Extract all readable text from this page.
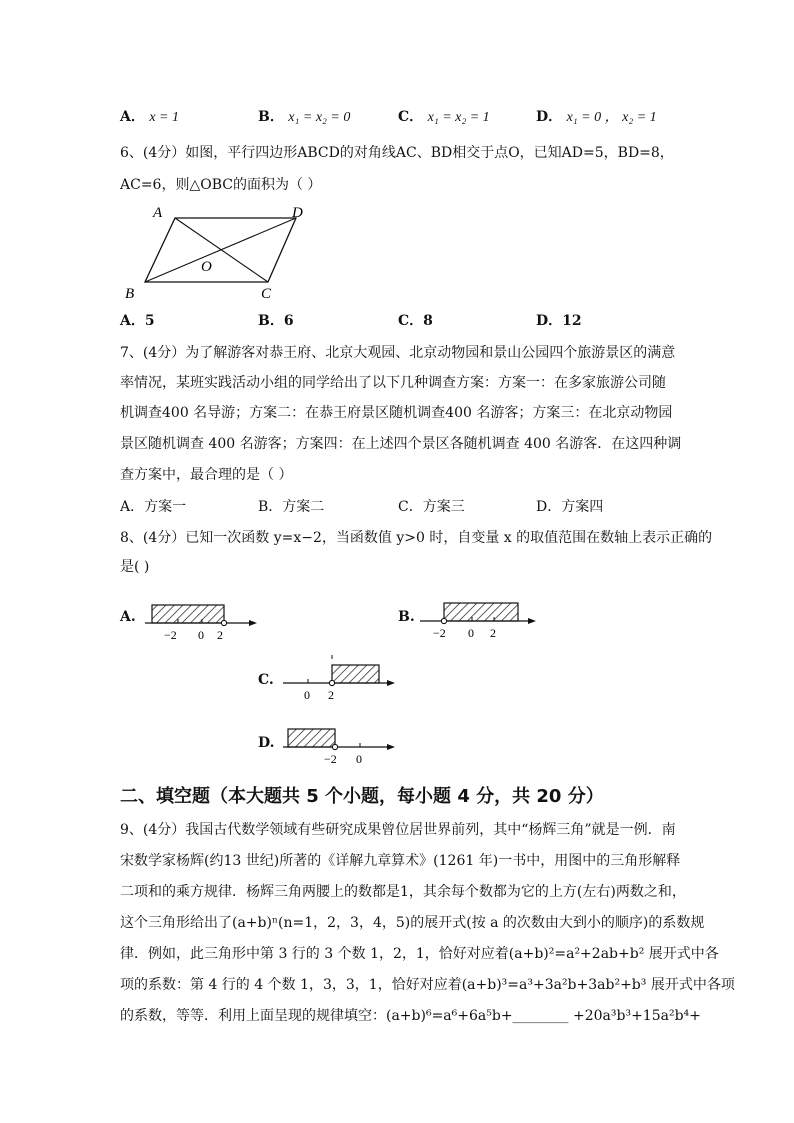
A． x = 1	B． x₁ = x₂ = 0	C． x₁ = x₂ = 1	D． x₁ = 0 ， x₂ = 1
6、(4分）如图，平行四边形ABCD的对角线AC、BD相交于点O，已知AD=5，BD=8，
AC=6，则△OBC的面积为（ ）
A	D
B	C
O
A．5	B．6	C．8	D．12
7、(4分）为了解游客对恭王府、北京大观园、北京动物园和景山公园四个旅游景区的满意
率情况，某班实践活动小组的同学给出了以下几种调查方案：方案一：在多家旅游公司随
机调查400 名导游；方案二：在恭王府景区随机调查400 名游客；方案三：在北京动物园
景区随机调查 400 名游客；方案四：在上述四个景区各随机调查 400 名游客．在这四种调
查方案中，最合理的是（ ）
A．方案一	B．方案二	C．方案三	D．方案四
8、(4分）已知一次函数 y=x−2，当函数值 y>0 时，自变量 x 的取值范围在数轴上表示正确的
是( )
A.
−2 0 2
B.
−2 0 2
C.
0 2
D.
−2 0
二、填空题（本大题共 5 个小题，每小题 4 分，共 20 分）
9、(4分）我国古代数学领域有些研究成果曾位居世界前列，其中“杨辉三角”就是一例．南
宋数学家杨辉(约13 世纪)所著的《详解九章算术》(1261 年)一书中，用图中的三角形解释
二项和的乘方规律．杨辉三角两腰上的数都是1，其余每个数都为它的上方(左右)两数之和，
这个三角形给出了(a+b)ⁿ(n=1，2，3，4，5)的展开式(按 a 的次数由大到小的顺序)的系数规
律．例如，此三角形中第 3 行的 3 个数 1，2，1，恰好对应着(a+b)²=a²+2ab+b² 展开式中各
项的系数：第 4 行的 4 个数 1，3，3，1，恰好对应着(a+b)³=a³+3a²b+3ab²+b³ 展开式中各项
的系数，等等．利用上面呈现的规律填空：(a+b)⁶=a⁶+6a⁵b+________ +20a³b³+15a²b⁴+
